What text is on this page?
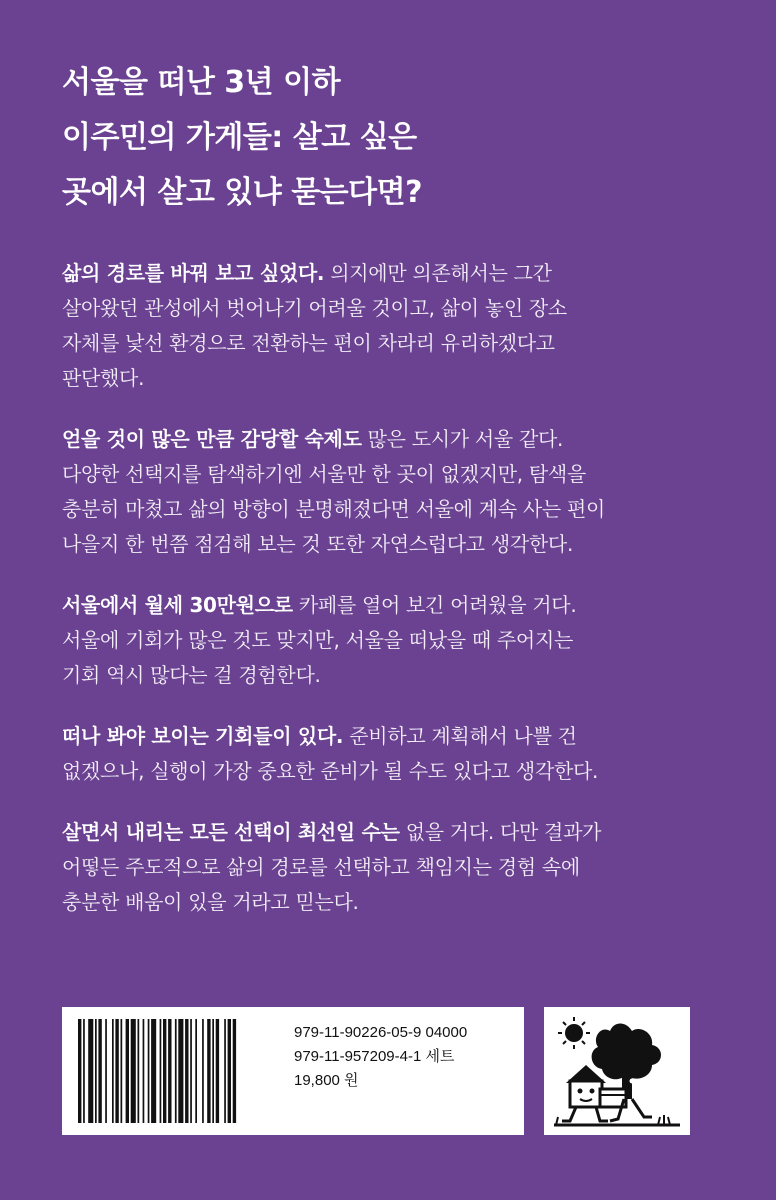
서울을 떠난 3년 이하
이주민의 가게들: 살고 싶은
곳에서 살고 있냐 묻는다면?
삶의 경로를 바꿔 보고 싶었다. 의지에만 의존해서는 그간
살아왔던 관성에서 벗어나기 어려울 것이고, 삶이 놓인 장소
자체를 낯선 환경으로 전환하는 편이 차라리 유리하겠다고
판단했다.
얻을 것이 많은 만큼 감당할 숙제도 많은 도시가 서울 같다.
다양한 선택지를 탐색하기엔 서울만 한 곳이 없겠지만, 탐색을
충분히 마쳤고 삶의 방향이 분명해졌다면 서울에 계속 사는 편이
나을지 한 번쯤 점검해 보는 것 또한 자연스럽다고 생각한다.
서울에서 월세 30만원으로 카페를 열어 보긴 어려웠을 거다.
서울에 기회가 많은 것도 맞지만, 서울을 떠났을 때 주어지는
기회 역시 많다는 걸 경험한다.
떠나 봐야 보이는 기회들이 있다. 준비하고 계획해서 나쁠 건
없겠으나, 실행이 가장 중요한 준비가 될 수도 있다고 생각한다.
살면서 내리는 모든 선택이 최선일 수는 없을 거다. 다만 결과가
어떻든 주도적으로 삶의 경로를 선택하고 책임지는 경험 속에
충분한 배움이 있을 거라고 믿는다.
979-11-90226-05-9 04000
979-11-957209-4-1 세트
19,800 원
